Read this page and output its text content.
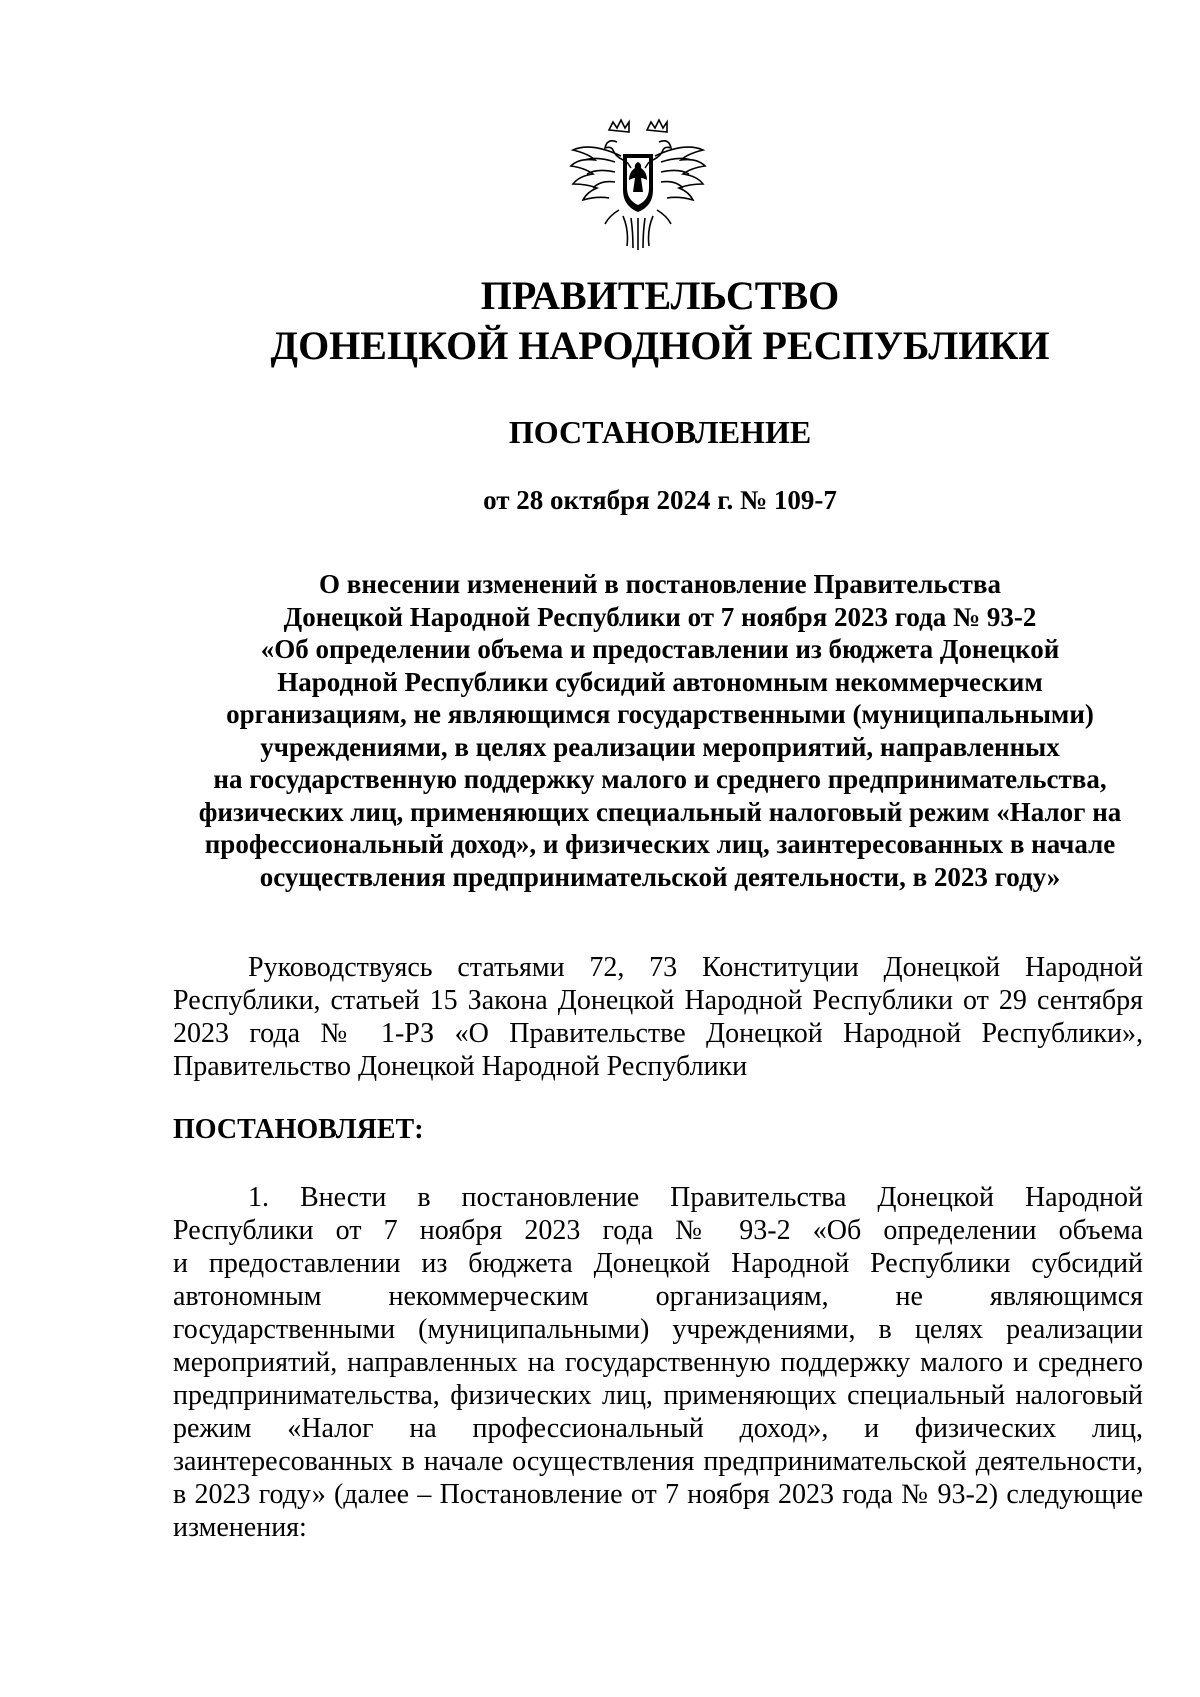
ПРАВИТЕЛЬСТВО
ДОНЕЦКОЙ НАРОДНОЙ РЕСПУБЛИКИ
ПОСТАНОВЛЕНИЕ
от 28 октября 2024 г. № 109-7
О внесении изменений в постановление Правительства
Донецкой Народной Республики от 7 ноября 2023 года № 93-2
«Об определении объема и предоставлении из бюджета Донецкой
Народной Республики субсидий автономным некоммерческим
организациям, не являющимся государственными (муниципальными)
учреждениями, в целях реализации мероприятий, направленных
на государственную поддержку малого и среднего предпринимательства,
физических лиц, применяющих специальный налоговый режим «Налог на
профессиональный доход», и физических лиц, заинтересованных в начале
осуществления предпринимательской деятельности, в 2023 году»
Руководствуясь статьями 72, 73 Конституции Донецкой Народной
Республики, статьей 15 Закона Донецкой Народной Республики от 29 сентября
2023 года № 1-РЗ «О Правительстве Донецкой Народной Республики»,
Правительство Донецкой Народной Республики
ПОСТАНОВЛЯЕТ:
1. Внести в постановление Правительства Донецкой Народной
Республики от 7 ноября 2023 года № 93-2 «Об определении объема
и предоставлении из бюджета Донецкой Народной Республики субсидий
автономным некоммерческим организациям, не являющимся
государственными (муниципальными) учреждениями, в целях реализации
мероприятий, направленных на государственную поддержку малого и среднего
предпринимательства, физических лиц, применяющих специальный налоговый
режим «Налог на профессиональный доход», и физических лиц,
заинтересованных в начале осуществления предпринимательской деятельности,
в 2023 году» (далее – Постановление от 7 ноября 2023 года № 93-2) следующие
изменения:
